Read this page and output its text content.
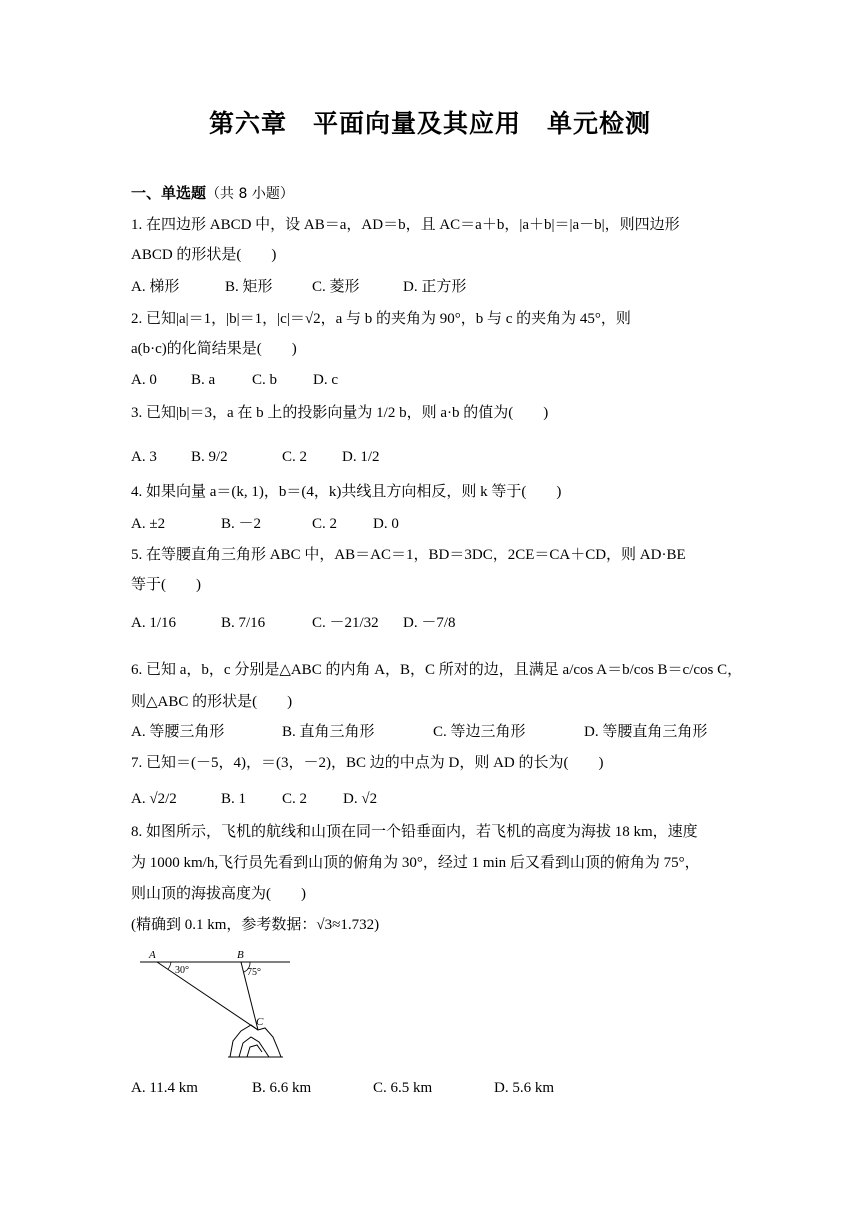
第六章　平面向量及其应用　单元检测
一、单选题（共 8 小题）
1. 在四边形 ABCD 中，设 AB＝a，AD＝b，且 AC＝a＋b，|a＋b|＝|a－b|，则四边形
ABCD 的形状是(　　)
A. 梯形	B. 矩形	C. 菱形	D. 正方形
2. 已知|a|＝1，|b|＝1，|c|＝√2，a 与 b 的夹角为 90°，b 与 c 的夹角为 45°，则
a(b·c)的化简结果是(　　)
A. 0 B. a C. b D. c
3. 已知|b|＝3，a 在 b 上的投影向量为 1/2 b，则 a·b 的值为(　　)
A. 3 B. 9/2	C. 2 D. 1/2
4. 如果向量 a＝(k, 1)，b＝(4，k)共线且方向相反，则 k 等于(　　)
A. ±2	B. －2	C. 2 D. 0
5. 在等腰直角三角形 ABC 中，AB＝AC＝1，BD＝3DC，2CE＝CA＋CD，则 AD·BE
等于(　　)
A. 1/16	B. 7/16	C. －21/32 D. －7/8
6. 已知 a，b，c 分别是△ABC 的内角 A，B，C 所对的边，且满足 a/cos A＝b/cos B＝c/cos C，
则△ABC 的形状是(　　)
A. 等腰三角形	B. 直角三角形	C. 等边三角形	D. 等腰直角三角形
7. 已知＝(－5，4)，＝(3，－2)，BC 边的中点为 D，则 AD 的长为(　　)
A. √2/2	B. 1 C. 2 D. √2
8. 如图所示，飞机的航线和山顶在同一个铅垂面内，若飞机的高度为海拔 18 km，速度
为 1000 km/h,飞行员先看到山顶的俯角为 30°，经过 1 min 后又看到山顶的俯角为 75°，
则山顶的海拔高度为(　　)
(精确到 0.1 km，参考数据：√3≈1.732)
A	B
C
30°	75°
A. 11.4 km	B. 6.6 km	C. 6.5 km	D. 5.6 km
